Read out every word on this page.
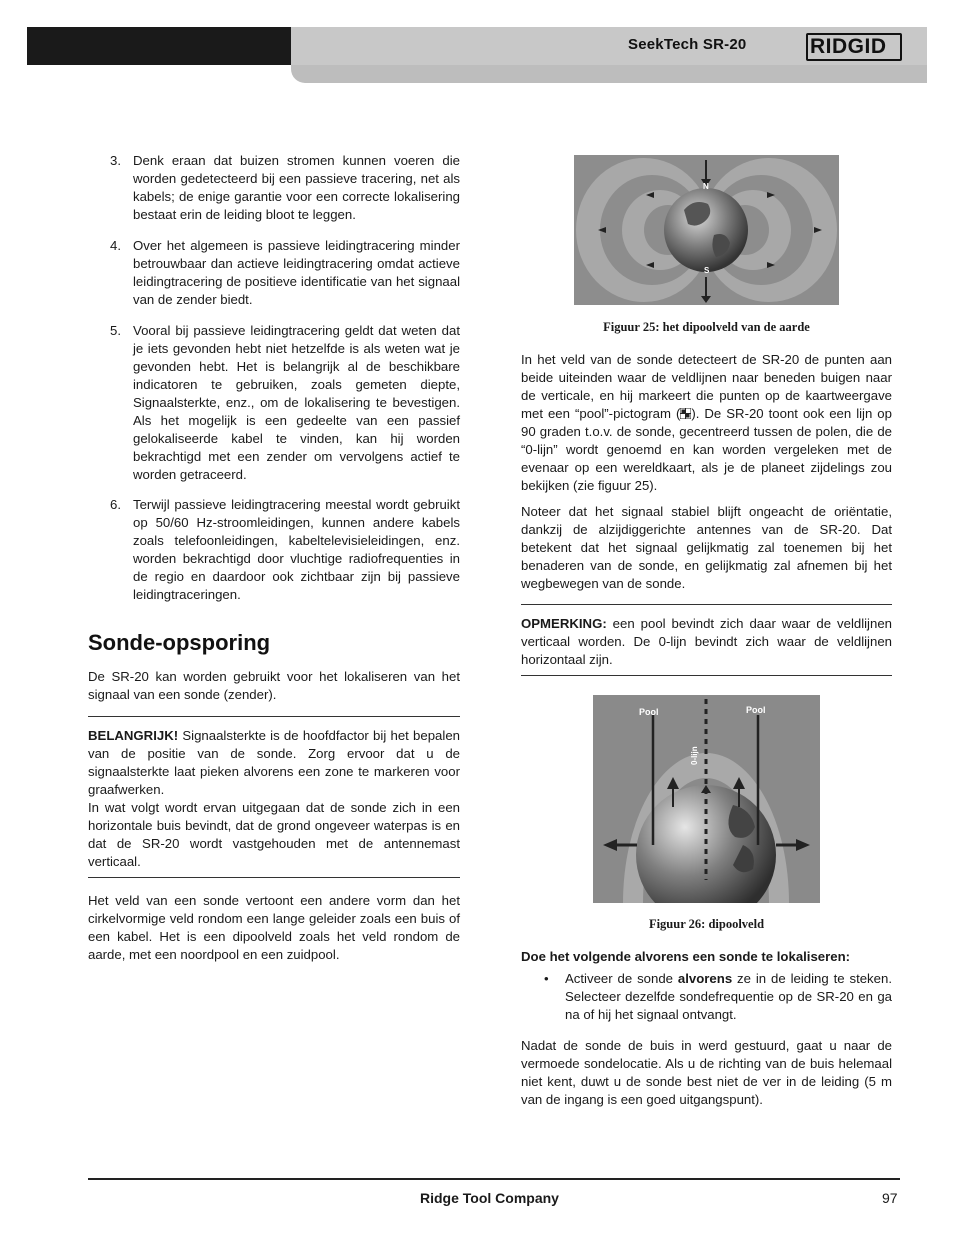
SeekTech SR-20	RIDGID
3. Denk eraan dat buizen stromen kunnen voeren die worden gedetecteerd bij een passieve tracering, net als kabels; de enige garantie voor een correcte lokalisering bestaat erin de leiding bloot te leggen.
4. Over het algemeen is passieve leidingtracering minder betrouwbaar dan actieve leidingtracering omdat actieve leidingtracering de positieve identificatie van het signaal van de zender biedt.
5. Vooral bij passieve leidingtracering geldt dat weten dat je iets gevonden hebt niet hetzelfde is als weten wat je gevonden hebt. Het is belangrijk al de beschikbare indicatoren te gebruiken, zoals gemeten diepte, Signaalsterkte, enz., om de lokalisering te bevestigen. Als het mogelijk is een gedeelte van een passief gelokaliseerde kabel te vinden, kan hij worden bekrachtigd met een zender om vervolgens actief te worden getraceerd.
6. Terwijl passieve leidingtracering meestal wordt gebruikt op 50/60 Hz-stroomleidingen, kunnen andere kabels zoals telefoonleidingen, kabeltelevisieleidingen, enz. worden bekrachtigd door vluchtige radiofrequenties in de regio en daardoor ook zichtbaar zijn bij passieve leidingtraceringen.
Sonde-opsporing
De SR-20 kan worden gebruikt voor het lokaliseren van het signaal van een sonde (zender).
BELANGRIJK! Signaalsterkte is de hoofdfactor bij het bepalen van de positie van de sonde. Zorg ervoor dat u de signaalsterkte laat pieken alvorens een zone te markeren voor graafwerken.
In wat volgt wordt ervan uitgegaan dat de sonde zich in een horizontale buis bevindt, dat de grond ongeveer waterpas is en dat de SR-20 wordt vastgehouden met de antennemast verticaal.
Het veld van een sonde vertoont een andere vorm dan het cirkelvormige veld rondom een lange geleider zoals een buis of een kabel. Het is een dipoolveld zoals het veld rondom de aarde, met een noordpool en een zuidpool.
N
S
Figuur 25: het dipoolveld van de aarde
In het veld van de sonde detecteert de SR-20 de punten aan beide uiteinden waar de veldlijnen naar beneden buigen naar de verticale, en hij markeert die punten op de kaartweergave met een “pool”-pictogram ( ). De SR-20 toont ook een lijn op 90 graden t.o.v. de sonde, gecentreerd tussen de polen, die de “0-lijn” wordt genoemd en kan worden vergeleken met de evenaar op een wereldkaart, als je de planeet zijdelings zou bekijken (zie figuur 25).
Noteer dat het signaal stabiel blijft ongeacht de oriëntatie, dankzij de alzijdiggerichte antennes van de SR-20. Dat betekent dat het signaal gelijkmatig zal toenemen bij het benaderen van de sonde, en gelijkmatig zal afnemen bij het wegbewegen van de sonde.
OPMERKING: een pool bevindt zich daar waar de veldlijnen verticaal worden. De 0-lijn bevindt zich waar de veldlijnen horizontaal zijn.
Pool	Pool
0-lijn
Figuur 26: dipoolveld
Doe het volgende alvorens een sonde te lokaliseren:
• Activeer de sonde alvorens ze in de leiding te steken. Selecteer dezelfde sondefrequentie op de SR-20 en ga na of hij het signaal ontvangt.
Nadat de sonde de buis in werd gestuurd, gaat u naar de vermoede sondelocatie. Als u de richting van de buis helemaal niet kent, duwt u de sonde best niet de ver in de leiding (5 m van de ingang is een goed uitgangspunt).
Ridge Tool Company	97
